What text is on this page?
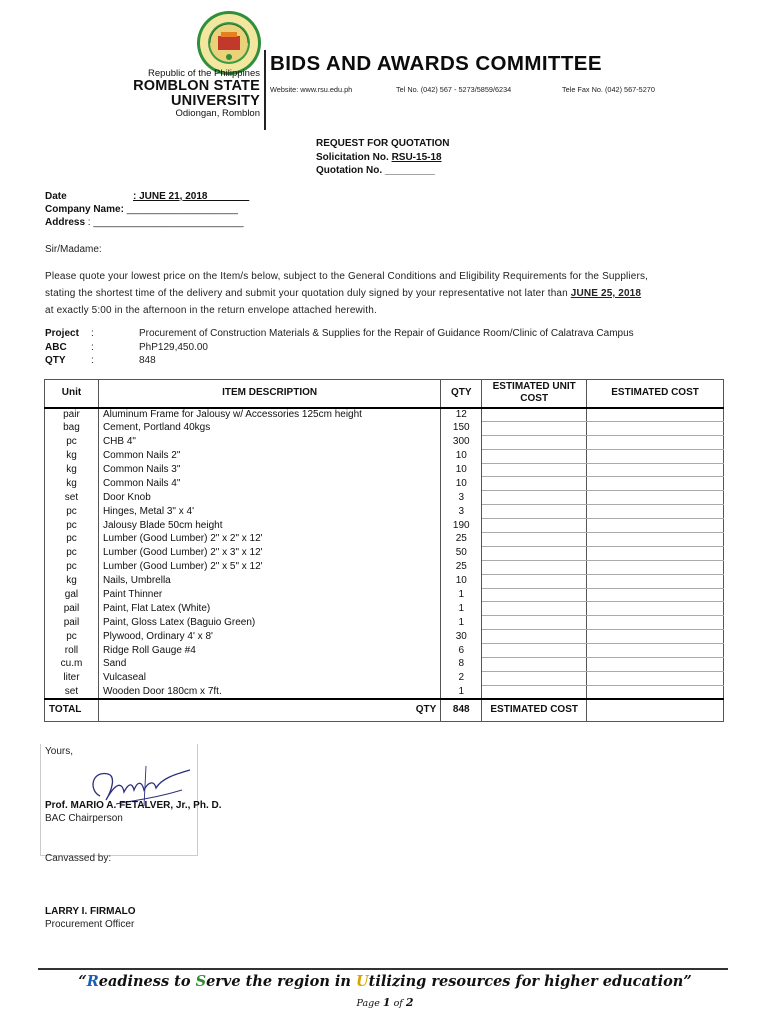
Republic of the Philippines
ROMBLON STATE UNIVERSITY
Odiongan, Romblon
BIDS AND AWARDS COMMITTEE
Website: www.rsu.edu.ph	Tel No. (042) 567 - 5273/5859/6234	Tele Fax No. (042) 567-5270
REQUEST FOR QUOTATION
Solicitation No. RSU-15-18
Quotation No. _________
Date	: JUNE 21, 2018 _______
Company Name: ____________________
Address : ___________________________
Sir/Madame:
Please quote your lowest price on the Item/s below, subject to the General Conditions and Eligibility Requirements for the Suppliers,
stating the shortest time of the delivery and submit your quotation duly signed by your representative not later than JUNE 25, 2018
at exactly 5:00 in the afternoon in the return envelope attached herewith.
Project	:	Procurement of Construction Materials & Supplies for the Repair of Guidance Room/Clinic of Calatrava Campus
ABC	:	PhP129,450.00
QTY	:	848
Unit	ITEM DESCRIPTION	QTY	ESTIMATED UNIT COST	ESTIMATED COST
pair	Aluminum Frame for Jalousy w/ Accessories 125cm height	12		
bag	Cement, Portland 40kgs	150		
pc	CHB 4"	300		
kg	Common Nails 2"	10		
kg	Common Nails 3"	10		
kg	Common Nails 4"	10		
set	Door Knob	3		
pc	Hinges, Metal 3" x 4'	3		
pc	Jalousy Blade 50cm height	190		
pc	Lumber (Good Lumber) 2" x 2" x 12'	25		
pc	Lumber (Good Lumber) 2" x 3" x 12'	50		
pc	Lumber (Good Lumber) 2" x 5" x 12'	25		
kg	Nails, Umbrella	10		
gal	Paint Thinner	1		
pail	Paint, Flat Latex (White)	1		
pail	Paint, Gloss Latex (Baguio Green)	1		
pc	Plywood, Ordinary 4' x 8'	30		
roll	Ridge Roll Gauge #4	6		
cu.m	Sand	8		
liter	Vulcaseal	2		
set	Wooden Door 180cm x 7ft.	1		
TOTAL	QTY	848	ESTIMATED COST	
Yours,
Prof. MARIO A. FETALVER, Jr., Ph. D.
BAC Chairperson
Canvassed by:
LARRY I. FIRMALO
Procurement Officer
“Readiness to Serve the region in Utilizing resources for higher education”
Page 1 of 2
